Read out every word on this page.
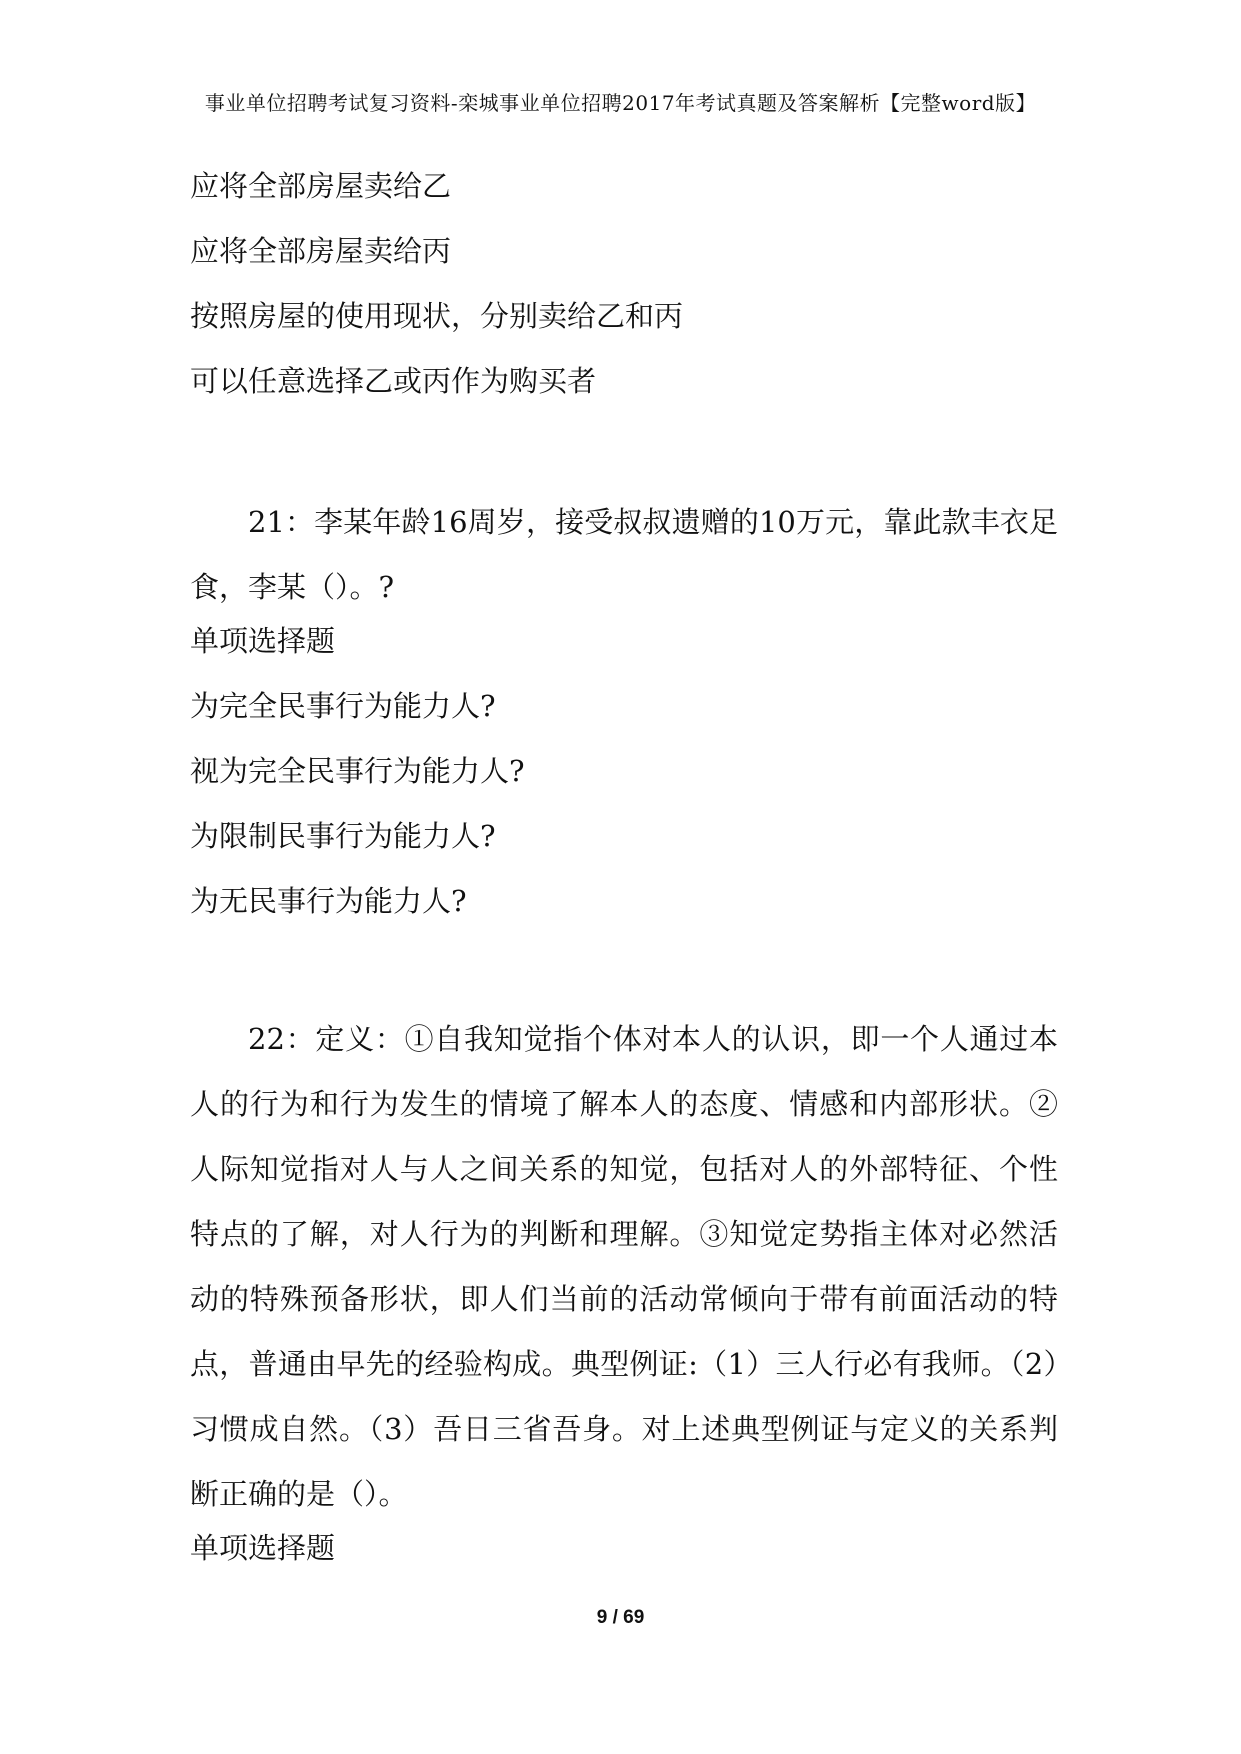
事业单位招聘考试复习资料-栾城事业单位招聘2017年考试真题及答案解析【完整word版】
应将全部房屋卖给乙
应将全部房屋卖给丙
按照房屋的使用现状，分别卖给乙和丙
可以任意选择乙或丙作为购买者

21：李某年龄16周岁，接受叔叔遗赠的10万元，靠此款丰衣足食，李某（）。?

单项选择题
为完全民事行为能力人?
视为完全民事行为能力人?
为限制民事行为能力人?
为无民事行为能力人?

22：定义：①自我知觉指个体对本人的认识，即一个人通过本人的行为和行为发生的情境了解本人的态度、情感和内部形状。②人际知觉指对人与人之间关系的知觉，包括对人的外部特征、个性特点的了解，对人行为的判断和理解。③知觉定势指主体对必然活动的特殊预备形状，即人们当前的活动常倾向于带有前面活动的特点，普通由早先的经验构成。典型例证:（1）三人行必有我师。（2）习惯成自然。（3）吾日三省吾身。对上述典型例证与定义的关系判断正确的是（）。

单项选择题
9 / 69
